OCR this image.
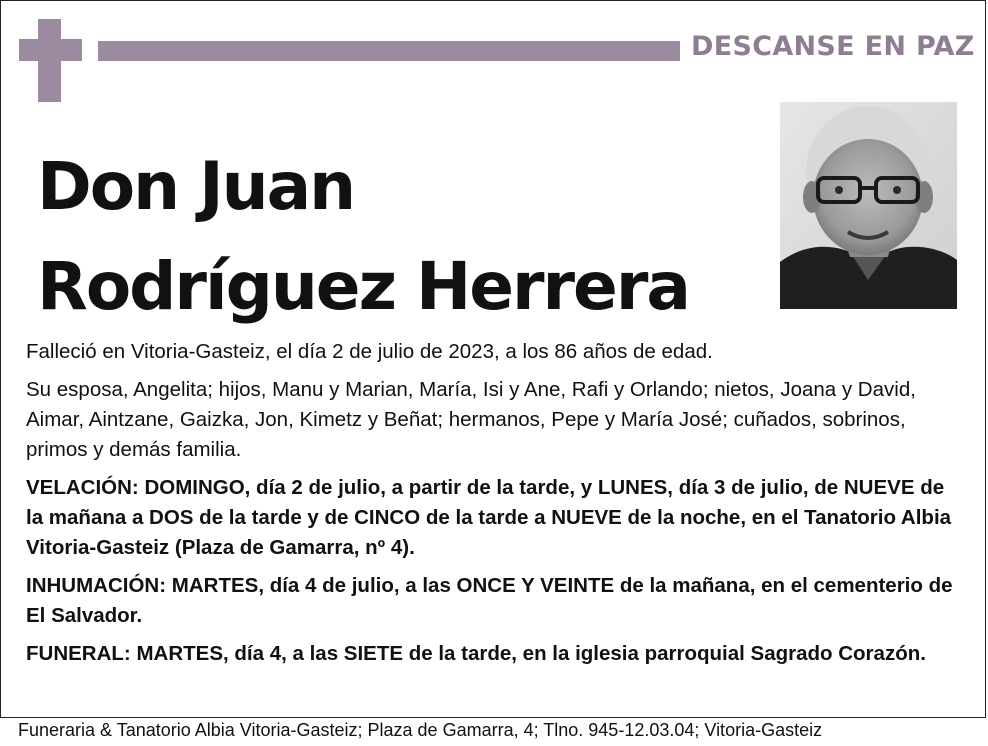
DESCANSE EN PAZ
Don Juan
Rodríguez Herrera

Falleció en Vitoria-Gasteiz, el día 2 de julio de 2023, a los 86 años de edad.

Su esposa, Angelita; hijos, Manu y Marian, María, Isi y Ane, Rafi y Orlando; nietos, Joana y David, Aimar, Aintzane, Gaizka, Jon, Kimetz y Beñat; hermanos, Pepe y María José; cuñados, sobrinos, primos y demás familia.

VELACIÓN: DOMINGO, día 2 de julio, a partir de la tarde, y LUNES, día 3 de julio, de NUEVE de la mañana a DOS de la tarde y de CINCO de la tarde a NUEVE de la noche, en el Tanatorio Albia Vitoria-Gasteiz (Plaza de Gamarra, nº 4).

INHUMACIÓN: MARTES, día 4 de julio, a las ONCE Y VEINTE de la mañana, en el cementerio de El Salvador.

FUNERAL: MARTES, día 4, a las SIETE de la tarde, en la iglesia parroquial Sagrado Corazón.

Funeraria & Tanatorio Albia Vitoria-Gasteiz; Plaza de Gamarra, 4; Tlno. 945-12.03.04; Vitoria-Gasteiz
